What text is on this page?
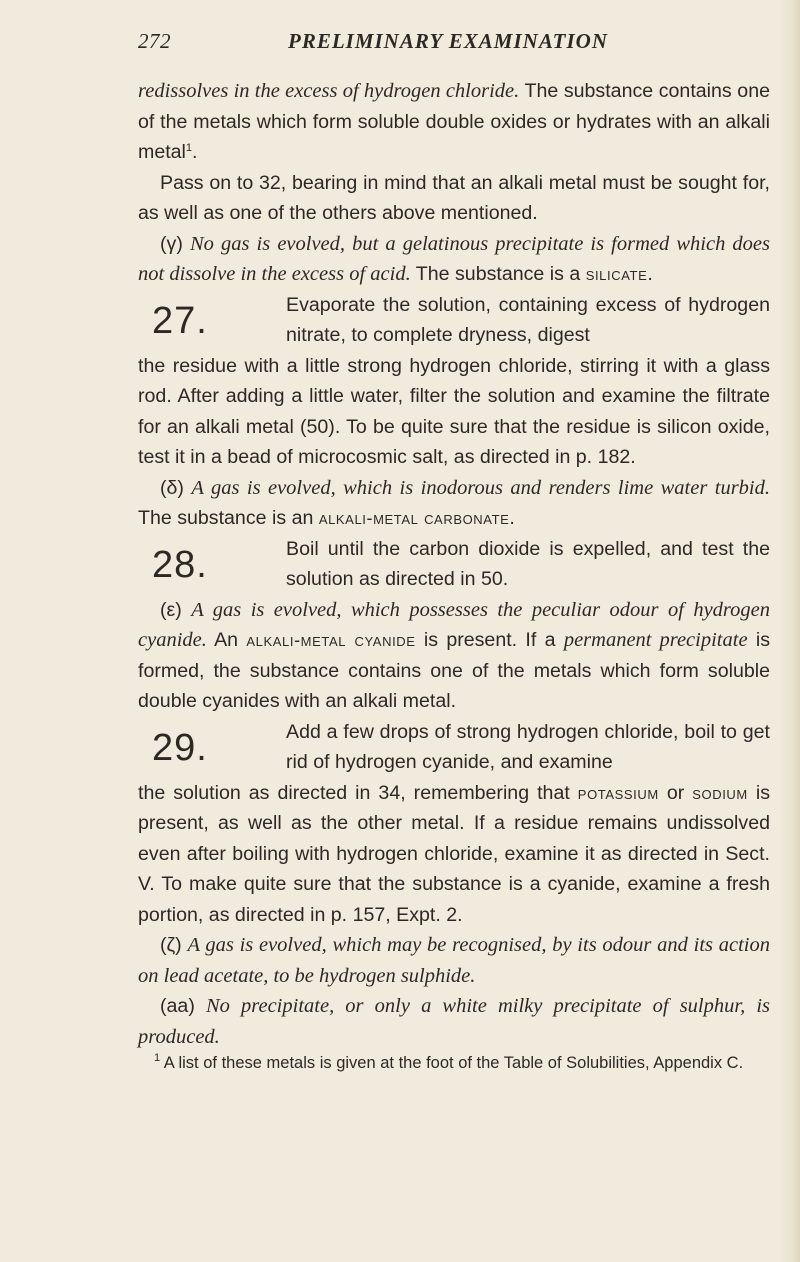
272	PRELIMINARY EXAMINATION

redissolves in the excess of hydrogen chloride. The substance contains one of the metals which form soluble double oxides or hydrates with an alkali metal$^1$.

Pass on to 32, bearing in mind that an alkali metal must be sought for, as well as one of the others above mentioned.

(γ) No gas is evolved, but a gelatinous precipitate is formed which does not dissolve in the excess of acid. The substance is a silicate.

27.	Evaporate the solution, containing excess of hydrogen nitrate, to complete dryness, digest

the residue with a little strong hydrogen chloride, stirring it with a glass rod. After adding a little water, filter the solution and examine the filtrate for an alkali metal (50). To be quite sure that the residue is silicon oxide, test it in a bead of microcosmic salt, as directed in p. 182.

(δ) A gas is evolved, which is inodorous and renders lime water turbid. The substance is an alkali-metal carbonate.

28.	Boil until the carbon dioxide is expelled, and test the solution as directed in 50.

(ε) A gas is evolved, which possesses the peculiar odour of hydrogen cyanide. An alkali-metal cyanide is present. If a permanent precipitate is formed, the substance contains one of the metals which form soluble double cyanides with an alkali metal.

29.	Add a few drops of strong hydrogen chloride, boil to get rid of hydrogen cyanide, and examine

the solution as directed in 34, remembering that potassium or sodium is present, as well as the other metal. If a residue remains undissolved even after boiling with hydrogen chloride, examine it as directed in Sect. V. To make quite sure that the substance is a cyanide, examine a fresh portion, as directed in p. 157, Expt. 2.

(ζ) A gas is evolved, which may be recognised, by its odour and its action on lead acetate, to be hydrogen sulphide.

(aa) No precipitate, or only a white milky precipitate of sulphur, is produced.

$^1$ A list of these metals is given at the foot of the Table of Solubilities, Appendix C.
